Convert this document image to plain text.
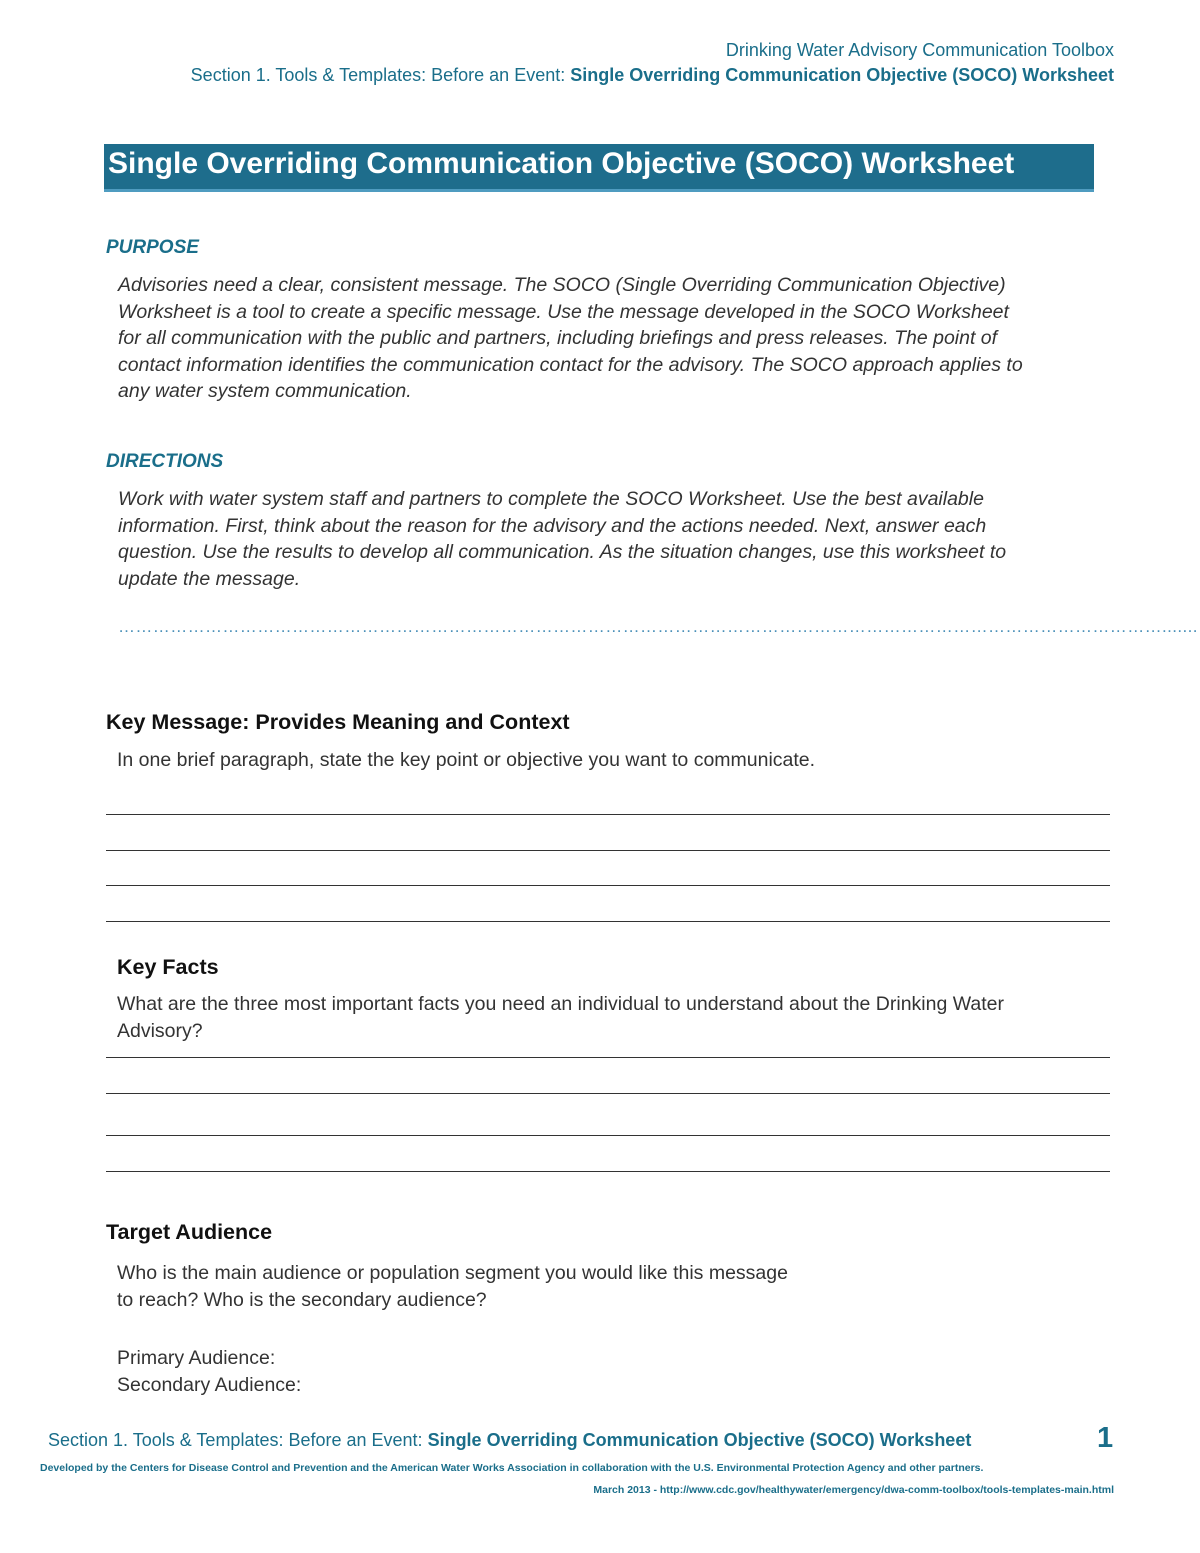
Drinking Water Advisory Communication Toolbox
Section 1. Tools & Templates: Before an Event: Single Overriding Communication Objective (SOCO) Worksheet
Single Overriding Communication Objective (SOCO) Worksheet
PURPOSE
Advisories need a clear, consistent message. The SOCO (Single Overriding Communication Objective)
Worksheet is a tool to create a specific message. Use the message developed in the SOCO Worksheet
for all communication with the public and partners, including briefings and press releases. The point of
contact information identifies the communication contact for the advisory. The SOCO approach applies to
any water system communication.
DIRECTIONS
Work with water system staff and partners to complete the SOCO Worksheet. Use the best available
information. First, think about the reason for the advisory and the actions needed. Next, answer each
question. Use the results to develop all communication. As the situation changes, use this worksheet to
update the message.
……………………………………………………………………………………………………………………………………………………………….......
Key Message: Provides Meaning and Context
In one brief paragraph, state the key point or objective you want to communicate.
Key Facts
What are the three most important facts you need an individual to understand about the Drinking Water
Advisory?
Target Audience
Who is the main audience or population segment you would like this message
to reach? Who is the secondary audience?
Primary Audience:
Secondary Audience:
Section 1. Tools & Templates: Before an Event: Single Overriding Communication Objective (SOCO) Worksheet	1
Developed by the Centers for Disease Control and Prevention and the American Water Works Association in collaboration with the U.S. Environmental Protection Agency and other partners.
March 2013 - http://www.cdc.gov/healthywater/emergency/dwa-comm-toolbox/tools-templates-main.html
